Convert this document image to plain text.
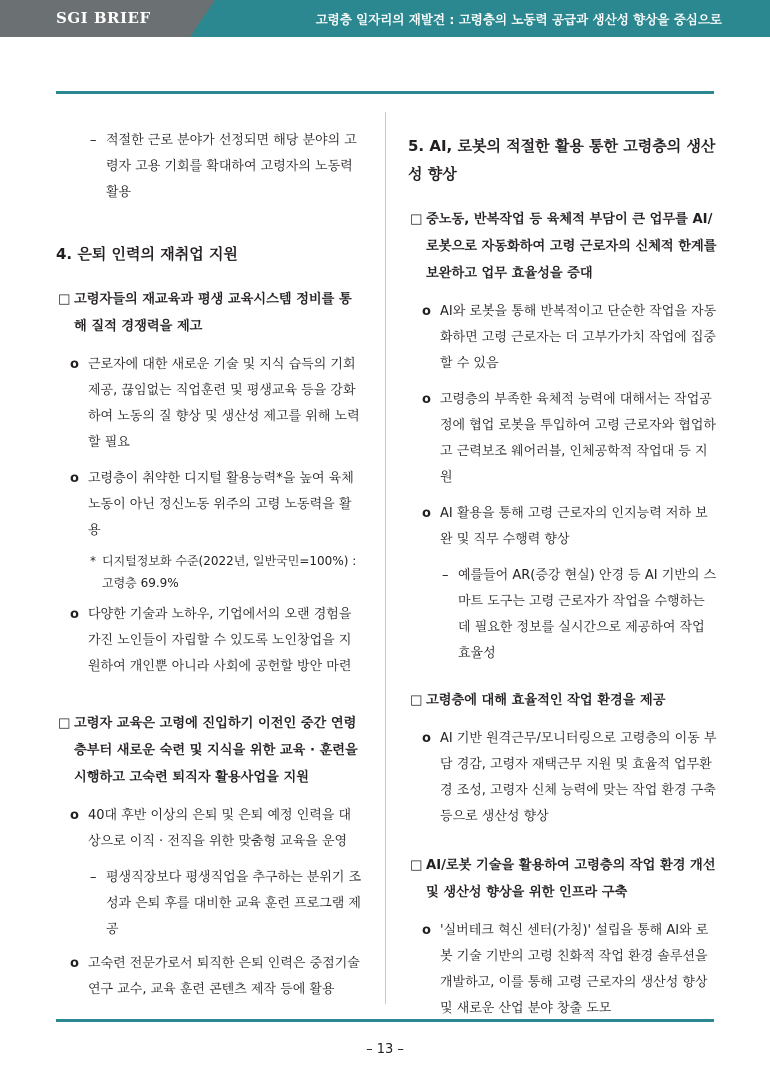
SGI BRIEF	고령층 일자리의 재발견 : 고령층의 노동력 공급과 생산성 향상을 중심으로

– 적절한 근로 분야가 선정되면 해당 분야의 고령자 고용 기회를 확대하여 고령자의 노동력 활용

4. 은퇴 인력의 재취업 지원

□ 고령자들의 재교육과 평생 교육시스템 정비를 통해 질적 경쟁력을 제고

o 근로자에 대한 새로운 기술 및 지식 습득의 기회 제공, 끊임없는 직업훈련 및 평생교육 등을 강화하여 노동의 질 향상 및 생산성 제고를 위해 노력할 필요

o 고령층이 취약한 디지털 활용능력*을 높여 육체노동이 아닌 정신노동 위주의 고령 노동력을 활용

* 디지털정보화 수준(2022년, 일반국민=100%) : 고령층 69.9%

o 다양한 기술과 노하우, 기업에서의 오랜 경험을 가진 노인들이 자립할 수 있도록 노인창업을 지원하여 개인뿐 아니라 사회에 공헌할 방안 마련

□ 고령자 교육은 고령에 진입하기 이전인 중간 연령층부터 새로운 숙련 및 지식을 위한 교육 · 훈련을 시행하고 고숙련 퇴직자 활용사업을 지원

o 40대 후반 이상의 은퇴 및 은퇴 예정 인력을 대상으로 이직 · 전직을 위한 맞춤형 교육을 운영

– 평생직장보다 평생직업을 추구하는 분위기 조성과 은퇴 후를 대비한 교육 훈련 프로그램 제공

o 고숙련 전문가로서 퇴직한 은퇴 인력은 중점기술연구 교수, 교육 훈련 콘텐츠 제작 등에 활용

5. AI, 로봇의 적절한 활용 통한 고령층의 생산성 향상

□ 중노동, 반복작업 등 육체적 부담이 큰 업무를 AI/로봇으로 자동화하여 고령 근로자의 신체적 한계를 보완하고 업무 효율성을 증대

o AI와 로봇을 통해 반복적이고 단순한 작업을 자동화하면 고령 근로자는 더 고부가가치 작업에 집중할 수 있음

o 고령층의 부족한 육체적 능력에 대해서는 작업공정에 협업 로봇을 투입하여 고령 근로자와 협업하고 근력보조 웨어러블, 인체공학적 작업대 등 지원

o AI 활용을 통해 고령 근로자의 인지능력 저하 보완 및 직무 수행력 향상

– 예를들어 AR(증강 현실) 안경 등 AI 기반의 스마트 도구는 고령 근로자가 작업을 수행하는 데 필요한 정보를 실시간으로 제공하여 작업 효율성

□ 고령층에 대해 효율적인 작업 환경을 제공

o AI 기반 원격근무/모니터링으로 고령층의 이동 부담 경감, 고령자 재택근무 지원 및 효율적 업무환경 조성, 고령자 신체 능력에 맞는 작업 환경 구축 등으로 생산성 향상

□ AI/로봇 기술을 활용하여 고령층의 작업 환경 개선 및 생산성 향상을 위한 인프라 구축

o '실버테크 혁신 센터(가칭)' 설립을 통해 AI와 로봇 기술 기반의 고령 친화적 작업 환경 솔루션을 개발하고, 이를 통해 고령 근로자의 생산성 향상 및 새로운 산업 분야 창출 도모

– 13 –
